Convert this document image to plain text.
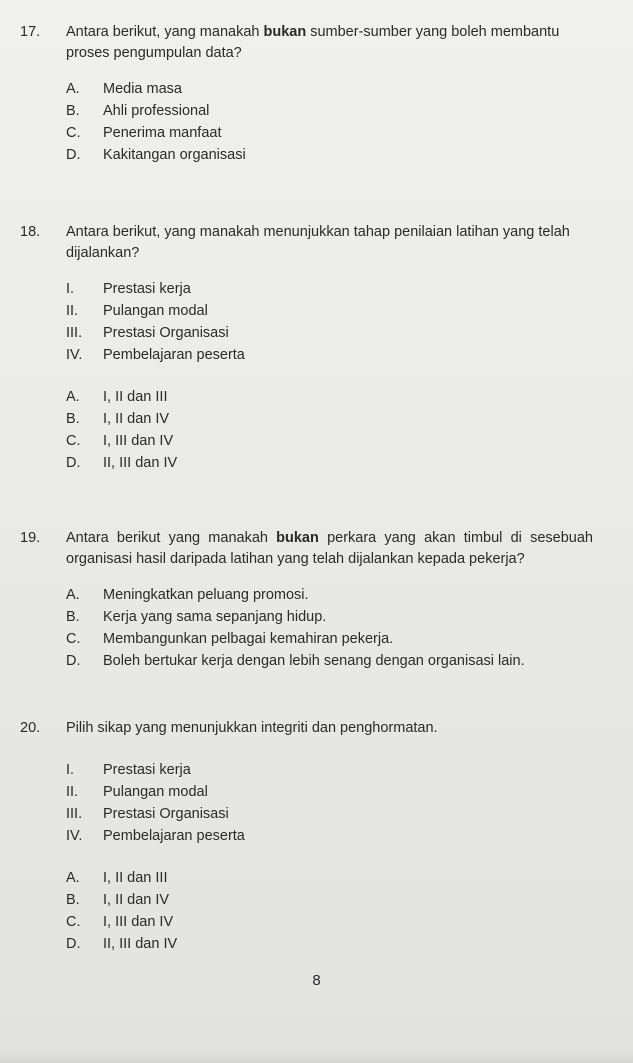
17. Antara berikut, yang manakah bukan sumber-sumber yang boleh membantu proses pengumpulan data?
A. Media masa
B. Ahli professional
C. Penerima manfaat
D. Kakitangan organisasi
18. Antara berikut, yang manakah menunjukkan tahap penilaian latihan yang telah dijalankan?
I. Prestasi kerja
II. Pulangan modal
III. Prestasi Organisasi
IV. Pembelajaran peserta
A. I, II dan III
B. I, II dan IV
C. I, III dan IV
D. II, III dan IV
19. Antara berikut yang manakah bukan perkara yang akan timbul di sesebuah organisasi hasil daripada latihan yang telah dijalankan kepada pekerja?
A. Meningkatkan peluang promosi.
B. Kerja yang sama sepanjang hidup.
C. Membangunkan pelbagai kemahiran pekerja.
D. Boleh bertukar kerja dengan lebih senang dengan organisasi lain.
20. Pilih sikap yang menunjukkan integriti dan penghormatan.
I. Prestasi kerja
II. Pulangan modal
III. Prestasi Organisasi
IV. Pembelajaran peserta
A. I, II dan III
B. I, II dan IV
C. I, III dan IV
D. II, III dan IV
8
